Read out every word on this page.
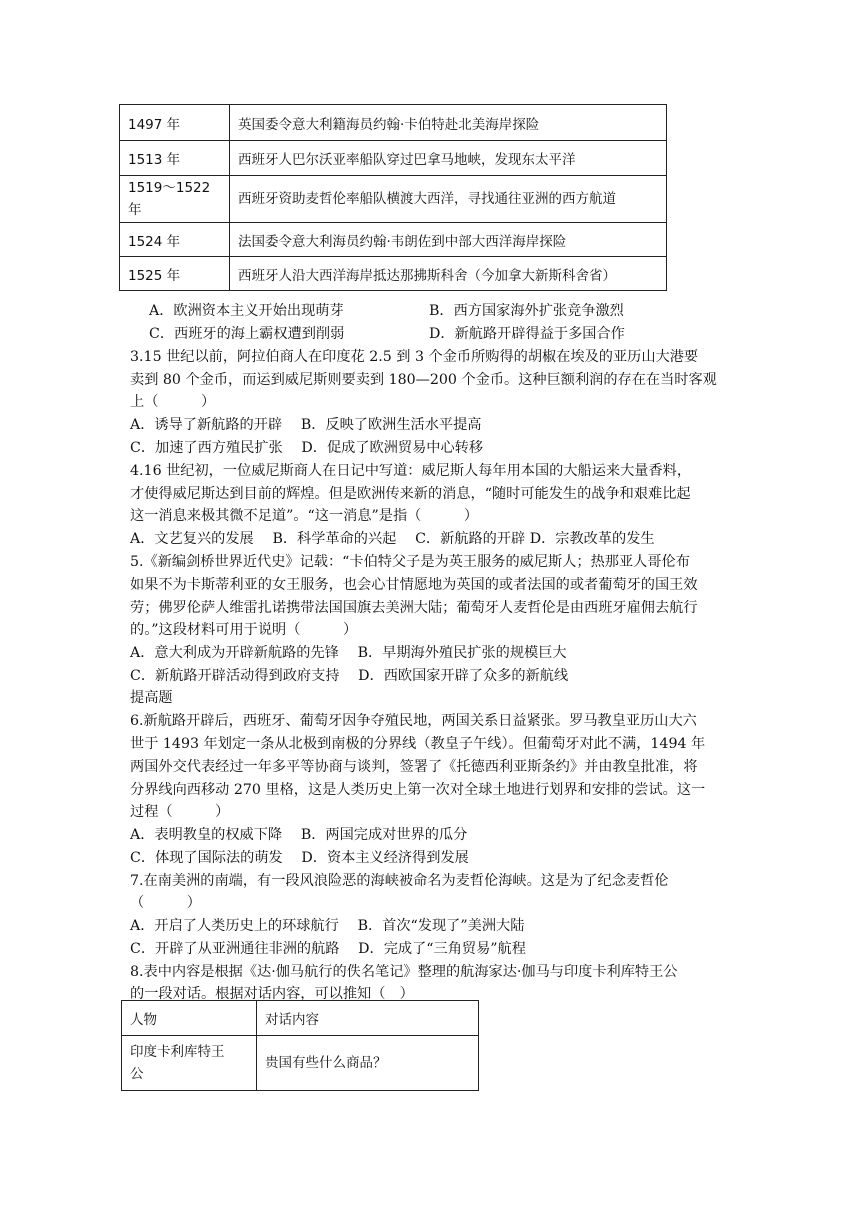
1497 年	英国委令意大利籍海员约翰·卡伯特赴北美海岸探险
1513 年	西班牙人巴尔沃亚率船队穿过巴拿马地峡，发现东太平洋
1519～1522
年	西班牙资助麦哲伦率船队横渡大西洋，寻找通往亚洲的西方航道
1524 年	法国委令意大利海员约翰·韦朗佐到中部大西洋海岸探险
1525 年	西班牙人沿大西洋海岸抵达那拂斯科舍（今加拿大新斯科舍省）
A．欧洲资本主义开始出现萌芽	B．西方国家海外扩张竞争激烈
C．西班牙的海上霸权遭到削弱	D．新航路开辟得益于多国合作
3.15 世纪以前，阿拉伯商人在印度花 2.5 到 3 个金币所购得的胡椒在埃及的亚历山大港要
卖到 80 个金币，而运到威尼斯则要卖到 180—200 个金币。这种巨额利润的存在在当时客观
上（　　　）
A．诱导了新航路的开辟　 B．反映了欧洲生活水平提高
C．加速了西方殖民扩张　 D．促成了欧洲贸易中心转移
4.16 世纪初，一位威尼斯商人在日记中写道：威尼斯人每年用本国的大船运来大量香料，
才使得威尼斯达到目前的辉煌。但是欧洲传来新的消息，“随时可能发生的战争和艰难比起
这一消息来极其微不足道”。“这一消息”是指（　　　）
A．文艺复兴的发展　 B．科学革命的兴起　 C．新航路的开辟 D．宗教改革的发生
5.《新编剑桥世界近代史》记载：“卡伯特父子是为英王服务的威尼斯人；热那亚人哥伦布
如果不为卡斯蒂利亚的女王服务，也会心甘情愿地为英国的或者法国的或者葡萄牙的国王效
劳；佛罗伦萨人维雷扎诺携带法国国旗去美洲大陆；葡萄牙人麦哲伦是由西班牙雇佣去航行
的。”这段材料可用于说明（　　　）
A．意大利成为开辟新航路的先锋　 B．早期海外殖民扩张的规模巨大
C．新航路开辟活动得到政府支持　 D．西欧国家开辟了众多的新航线
提高题
6.新航路开辟后，西班牙、葡萄牙因争夺殖民地，两国关系日益紧张。罗马教皇亚历山大六
世于 1493 年划定一条从北极到南极的分界线（教皇子午线）。但葡萄牙对此不满，1494 年
两国外交代表经过一年多平等协商与谈判，签署了《托德西利亚斯条约》并由教皇批准，将
分界线向西移动 270 里格，这是人类历史上第一次对全球土地进行划界和安排的尝试。这一
过程（　　　）
A．表明教皇的权威下降　 B．两国完成对世界的瓜分
C．体现了国际法的萌发　 D．资本主义经济得到发展
7.在南美洲的南端，有一段风浪险恶的海峡被命名为麦哲伦海峡。这是为了纪念麦哲伦
（　　　）
A．开启了人类历史上的环球航行　 B．首次“发现了”美洲大陆
C．开辟了从亚洲通往非洲的航路　 D．完成了“三角贸易”航程
8.表中内容是根据《达·伽马航行的佚名笔记》整理的航海家达·伽马与印度卡利库特王公
的一段对话。根据对话内容，可以推知（　）
人物	对话内容
印度卡利库特王
公	贵国有些什么商品？
